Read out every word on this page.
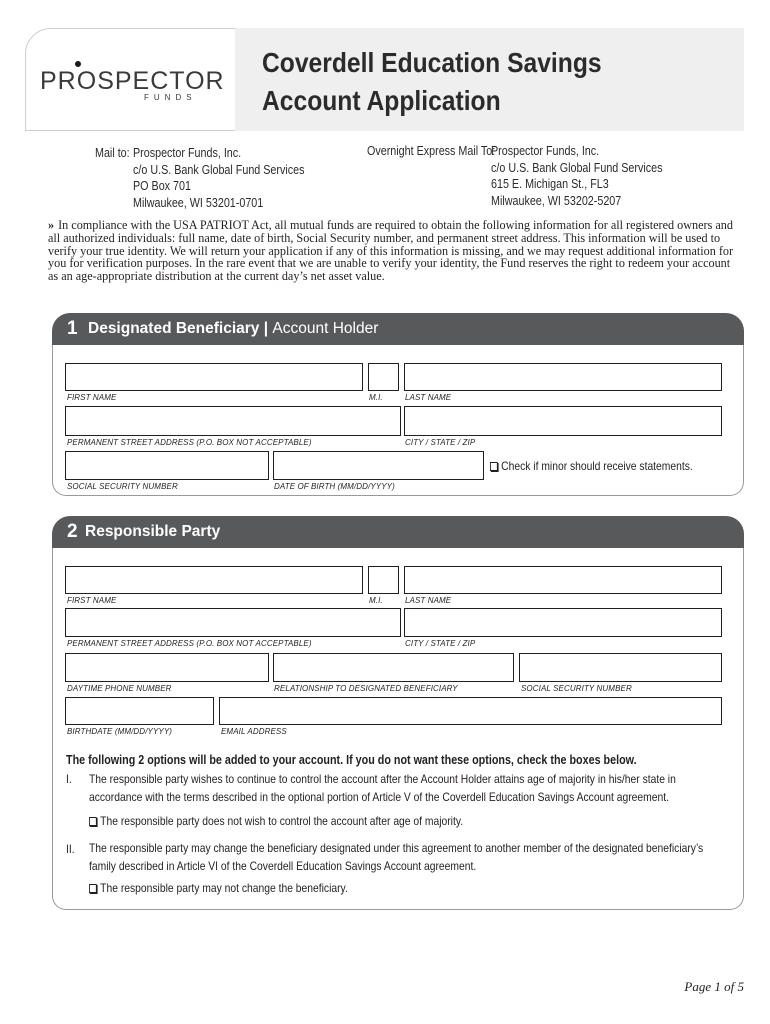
PROSPECTOR
FUNDS
Coverdell Education Savings
Account Application
Mail to: Prospector Funds, Inc.
c/o U.S. Bank Global Fund Services
PO Box 701
Milwaukee, WI 53201-0701
Overnight Express Mail To:
Prospector Funds, Inc.
c/o U.S. Bank Global Fund Services
615 E. Michigan St., FL3
Milwaukee, WI 53202-5207
» In compliance with the USA PATRIOT Act, all mutual funds are required to obtain the following information for all registered owners and all authorized individuals: full name, date of birth, Social Security number, and permanent street address. This information will be used to verify your true identity. We will return your application if any of this information is missing, and we may request additional information for you for verification purposes. In the rare event that we are unable to verify your identity, the Fund reserves the right to redeem your account as an age-appropriate distribution at the current day’s net asset value.
1 Designated Beneficiary | Account Holder
FIRST NAME	M.I.	LAST NAME
PERMANENT STREET ADDRESS (P.O. BOX NOT ACCEPTABLE)	CITY / STATE / ZIP
SOCIAL SECURITY NUMBER	DATE OF BIRTH (MM/DD/YYYY)
Check if minor should receive statements.
2 Responsible Party
FIRST NAME	M.I.	LAST NAME
PERMANENT STREET ADDRESS (P.O. BOX NOT ACCEPTABLE)	CITY / STATE / ZIP
DAYTIME PHONE NUMBER	RELATIONSHIP TO DESIGNATED BENEFICIARY	SOCIAL SECURITY NUMBER
BIRTHDATE (MM/DD/YYYY)	EMAIL ADDRESS
The following 2 options will be added to your account. If you do not want these options, check the boxes below.
I. The responsible party wishes to continue to control the account after the Account Holder attains age of majority in his/her state in accordance with the terms described in the optional portion of Article V of the Coverdell Education Savings Account agreement.
The responsible party does not wish to control the account after age of majority.
II. The responsible party may change the beneficiary designated under this agreement to another member of the designated beneficiary’s family described in Article VI of the Coverdell Education Savings Account agreement.
The responsible party may not change the beneficiary.
Page 1 of 5
